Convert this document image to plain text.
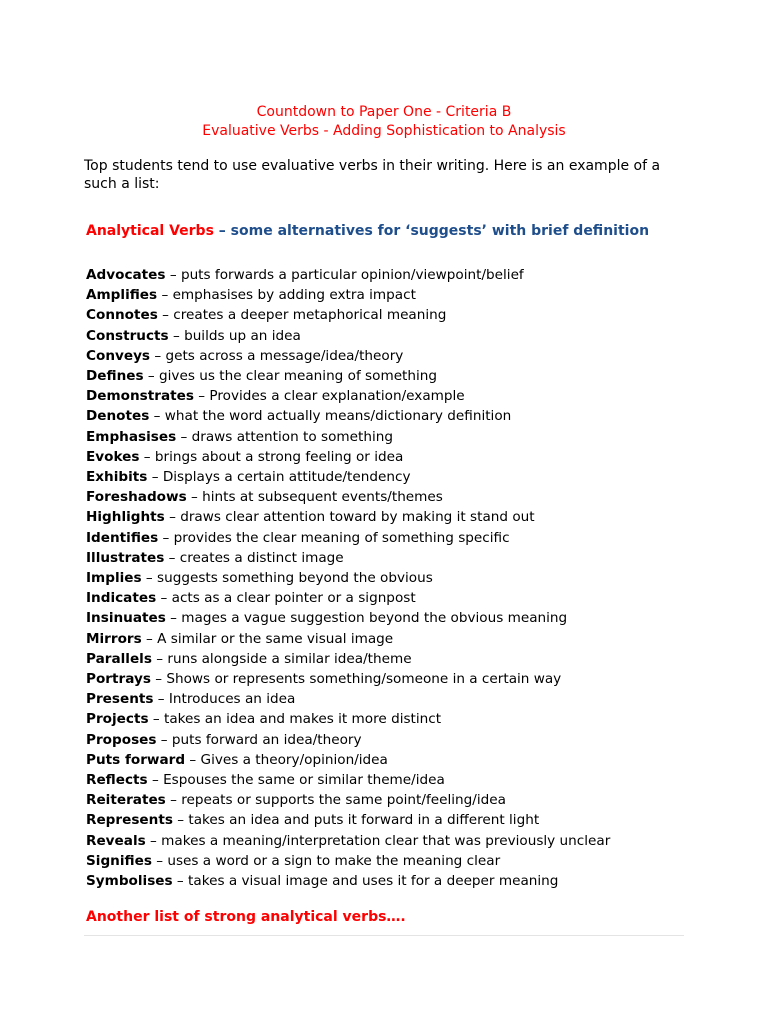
Countdown to Paper One - Criteria B
Evaluative Verbs - Adding Sophistication to Analysis
Top students tend to use evaluative verbs in their writing. Here is an example of a such a list:
Analytical Verbs – some alternatives for ‘suggests’ with brief definition
Advocates – puts forwards a particular opinion/viewpoint/belief
Amplifies – emphasises by adding extra impact
Connotes – creates a deeper metaphorical meaning
Constructs – builds up an idea
Conveys – gets across a message/idea/theory
Defines – gives us the clear meaning of something
Demonstrates – Provides a clear explanation/example
Denotes – what the word actually means/dictionary definition
Emphasises – draws attention to something
Evokes – brings about a strong feeling or idea
Exhibits – Displays a certain attitude/tendency
Foreshadows – hints at subsequent events/themes
Highlights – draws clear attention toward by making it stand out
Identifies – provides the clear meaning of something specific
Illustrates – creates a distinct image
Implies – suggests something beyond the obvious
Indicates – acts as a clear pointer or a signpost
Insinuates – mages a vague suggestion beyond the obvious meaning
Mirrors – A similar or the same visual image
Parallels – runs alongside a similar idea/theme
Portrays – Shows or represents something/someone in a certain way
Presents – Introduces an idea
Projects – takes an idea and makes it more distinct
Proposes – puts forward an idea/theory
Puts forward – Gives a theory/opinion/idea
Reflects – Espouses the same or similar theme/idea
Reiterates – repeats or supports the same point/feeling/idea
Represents – takes an idea and puts it forward in a different light
Reveals – makes a meaning/interpretation clear that was previously unclear
Signifies – uses a word or a sign to make the meaning clear
Symbolises – takes a visual image and uses it for a deeper meaning
Another list of strong analytical verbs….
